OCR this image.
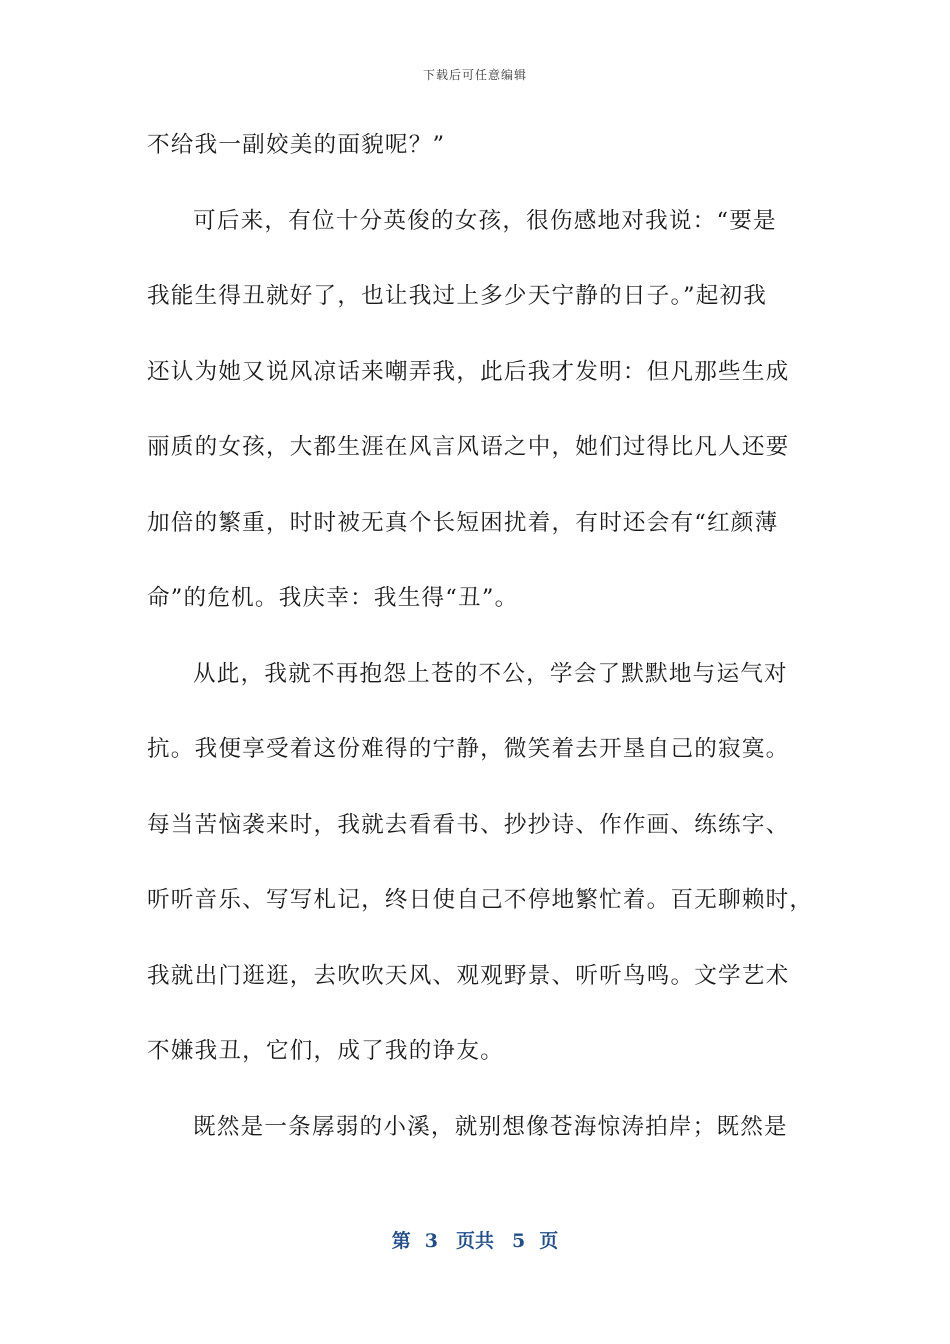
下载后可任意编辑
不给我一副姣美的面貌呢？”
可后来，有位十分英俊的女孩，很伤感地对我说：“要是
我能生得丑就好了，也让我过上多少天宁静的日子。”起初我
还认为她又说风凉话来嘲弄我，此后我才发明：但凡那些生成
丽质的女孩，大都生涯在风言风语之中，她们过得比凡人还要
加倍的繁重，时时被无真个长短困扰着，有时还会有“红颜薄
命”的危机。我庆幸：我生得“丑”。
从此，我就不再抱怨上苍的不公，学会了默默地与运气对
抗。我便享受着这份难得的宁静，微笑着去开垦自己的寂寞。
每当苦恼袭来时，我就去看看书、抄抄诗、作作画、练练字、
听听音乐、写写札记，终日使自己不停地繁忙着。百无聊赖时，
我就出门逛逛，去吹吹天风、观观野景、听听鸟鸣。文学艺术
不嫌我丑，它们，成了我的诤友。
既然是一条孱弱的小溪，就别想像苍海惊涛拍岸；既然是
第 3 页共 5 页
